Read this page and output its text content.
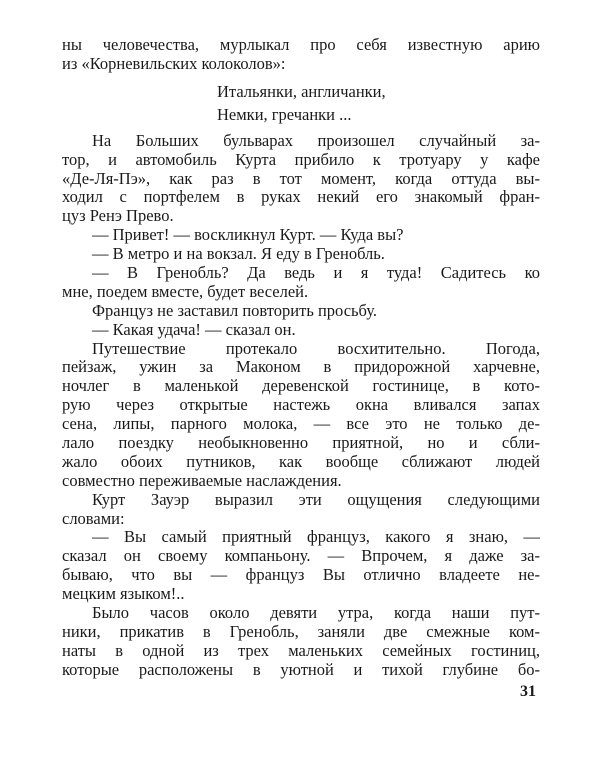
ны человечества, мурлыкал про себя известную арию
из «Корневильских колоколов»:
Итальянки, англичанки,
Немки, гречанки ...
На Больших бульварах произошел случайный за-
тор, и автомобиль Курта прибило к тротуару у кафе
«Де-Ля-Пэ», как раз в тот момент, когда оттуда вы-
ходил с портфелем в руках некий его знакомый фран-
цуз Ренэ Прево.
— Привет! — воскликнул Курт. — Куда вы?
— В метро и на вокзал. Я еду в Гренобль.
— В Гренобль? Да ведь и я туда! Садитесь ко
мне, поедем вместе, будет веселей.
Француз не заставил повторить просьбу.
— Какая удача! — сказал он.
Путешествие протекало восхитительно. Погода,
пейзаж, ужин за Маконом в придорожной харчевне,
ночлег в маленькой деревенской гостинице, в кото-
рую через открытые настежь окна вливался запах
сена, липы, парного молока, — все это не только де-
лало поездку необыкновенно приятной, но и сбли-
жало обоих путников, как вообще сближают людей
совместно переживаемые наслаждения.
Курт Зауэр выразил эти ощущения следующими
словами:
— Вы самый приятный француз, какого я знаю, —
сказал он своему компаньону. — Впрочем, я даже за-
бываю, что вы — француз Вы отлично владеете не-
мецким языком!..
Было часов около девяти утра, когда наши пут-
ники, прикатив в Гренобль, заняли две смежные ком-
наты в одной из трех маленьких семейных гостиниц,
которые расположены в уютной и тихой глубине бо-
31
